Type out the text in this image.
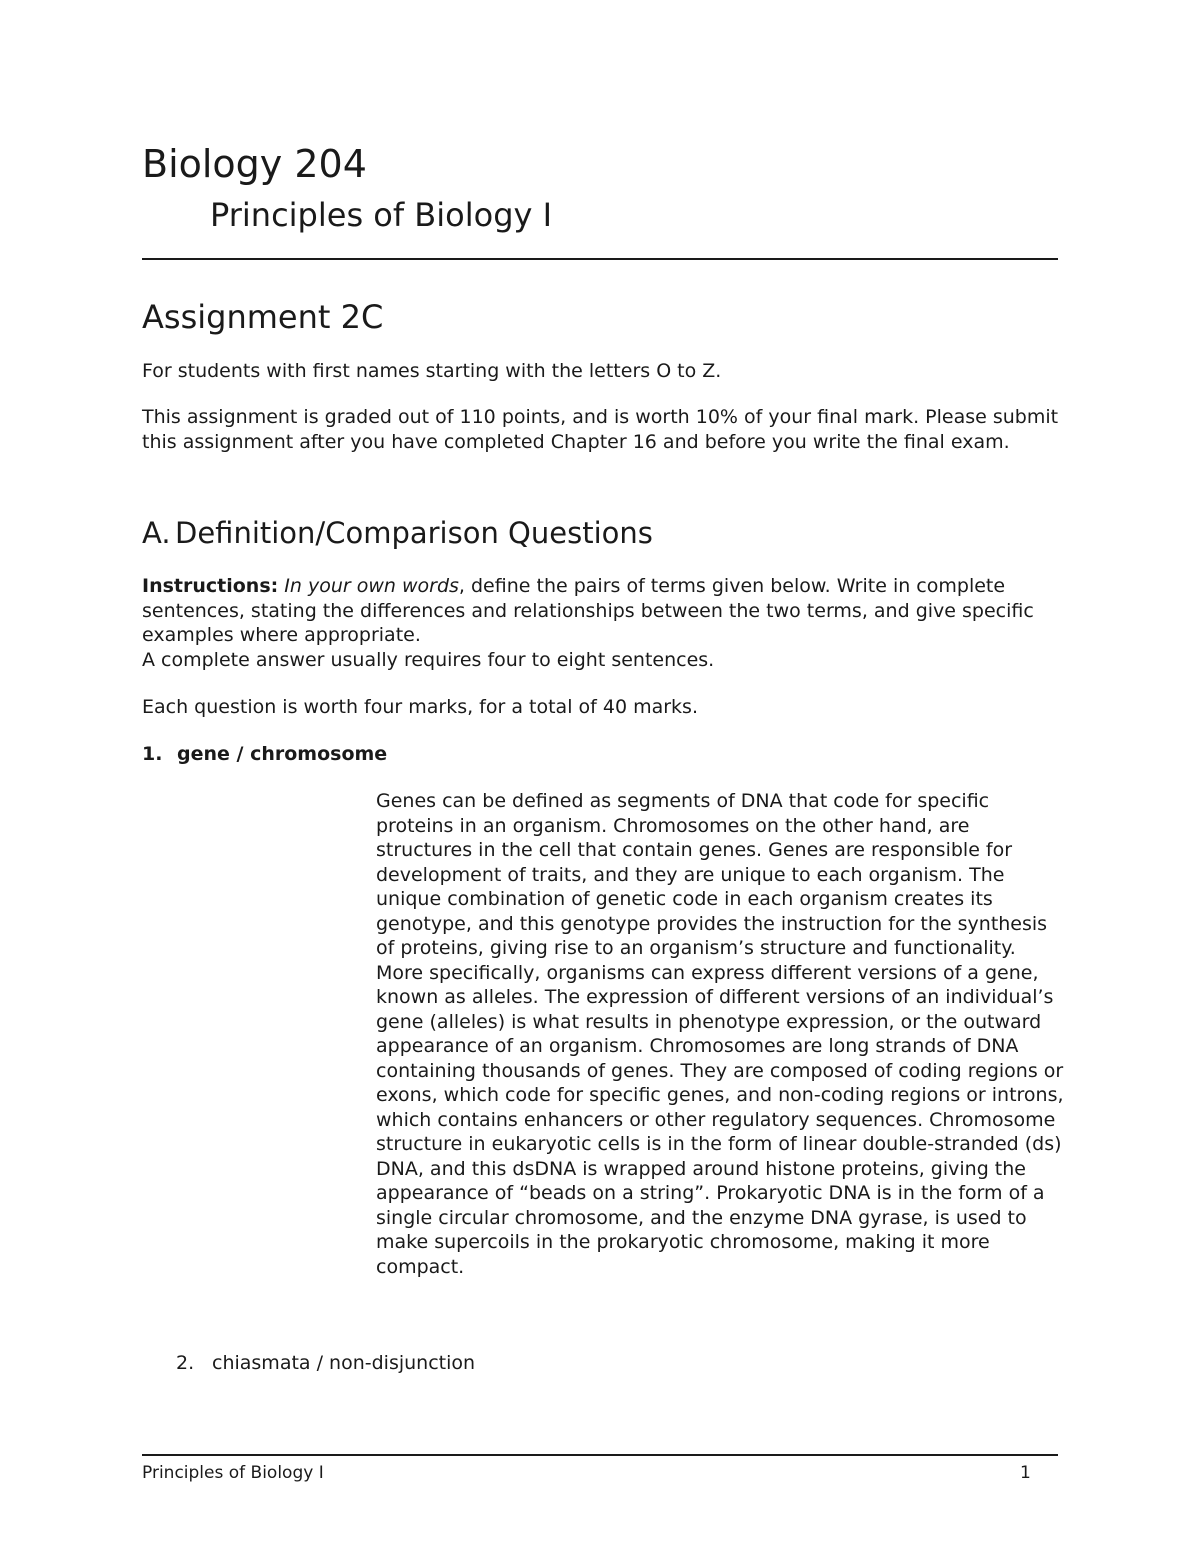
Biology 204
Principles of Biology I
Assignment 2C

For students with first names starting with the letters O to Z.

This assignment is graded out of 110 points, and is worth 10% of your final mark. Please submit this assignment after you have completed Chapter 16 and before you write the final exam.

A. Definition/Comparison Questions

Instructions: In your own words, define the pairs of terms given below. Write in complete sentences, stating the differences and relationships between the two terms, and give specific examples where appropriate.
A complete answer usually requires four to eight sentences.

Each question is worth four marks, for a total of 40 marks.

1. gene / chromosome

Genes can be defined as segments of DNA that code for specific proteins in an organism. Chromosomes on the other hand, are structures in the cell that contain genes. Genes are responsible for development of traits, and they are unique to each organism. The unique combination of genetic code in each organism creates its genotype, and this genotype provides the instruction for the synthesis of proteins, giving rise to an organism’s structure and functionality. More specifically, organisms can express different versions of a gene, known as alleles. The expression of different versions of an individual’s gene (alleles) is what results in phenotype expression, or the outward appearance of an organism. Chromosomes are long strands of DNA containing thousands of genes. They are composed of coding regions or exons, which code for specific genes, and non-coding regions or introns, which contains enhancers or other regulatory sequences. Chromosome structure in eukaryotic cells is in the form of linear double-stranded (ds) DNA, and this dsDNA is wrapped around histone proteins, giving the appearance of “beads on a string”. Prokaryotic DNA is in the form of a single circular chromosome, and the enzyme DNA gyrase, is used to make supercoils in the prokaryotic chromosome, making it more compact.

2. chiasmata / non-disjunction

Principles of Biology I	1
